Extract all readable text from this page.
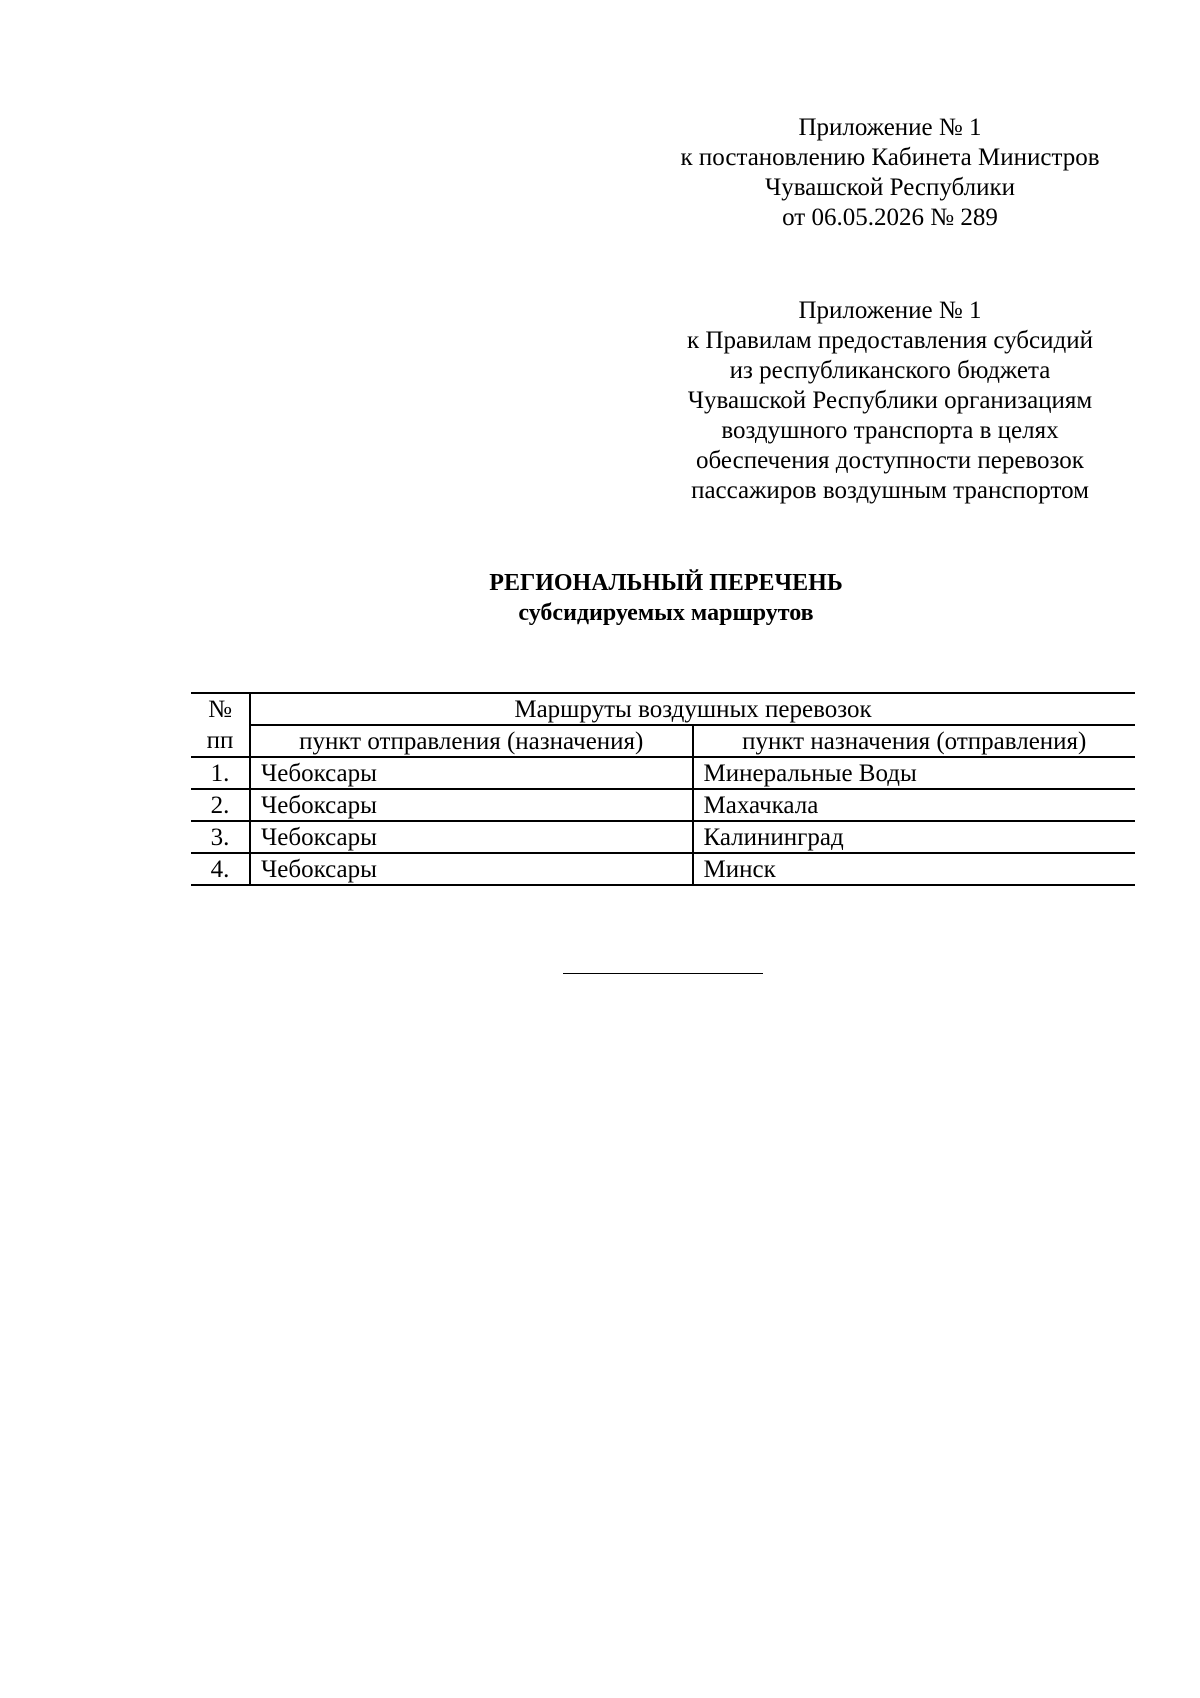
Приложение № 1
к постановлению Кабинета Министров
Чувашской Республики
от 06.05.2026 № 289
Приложение № 1
к Правилам предоставления субсидий
из республиканского бюджета
Чувашской Республики организациям
воздушного транспорта в целях
обеспечения доступности перевозок
пассажиров воздушным транспортом
РЕГИОНАЛЬНЫЙ ПЕРЕЧЕНЬ
субсидируемых маршрутов
№	Маршруты воздушных перевозок	
пп	пункт отправления (назначения)	пункт назначения (отправления)
1.	Чебоксары	Минеральные Воды
2.	Чебоксары	Махачкала
3.	Чебоксары	Калининград
4.	Чебоксары	Минск
